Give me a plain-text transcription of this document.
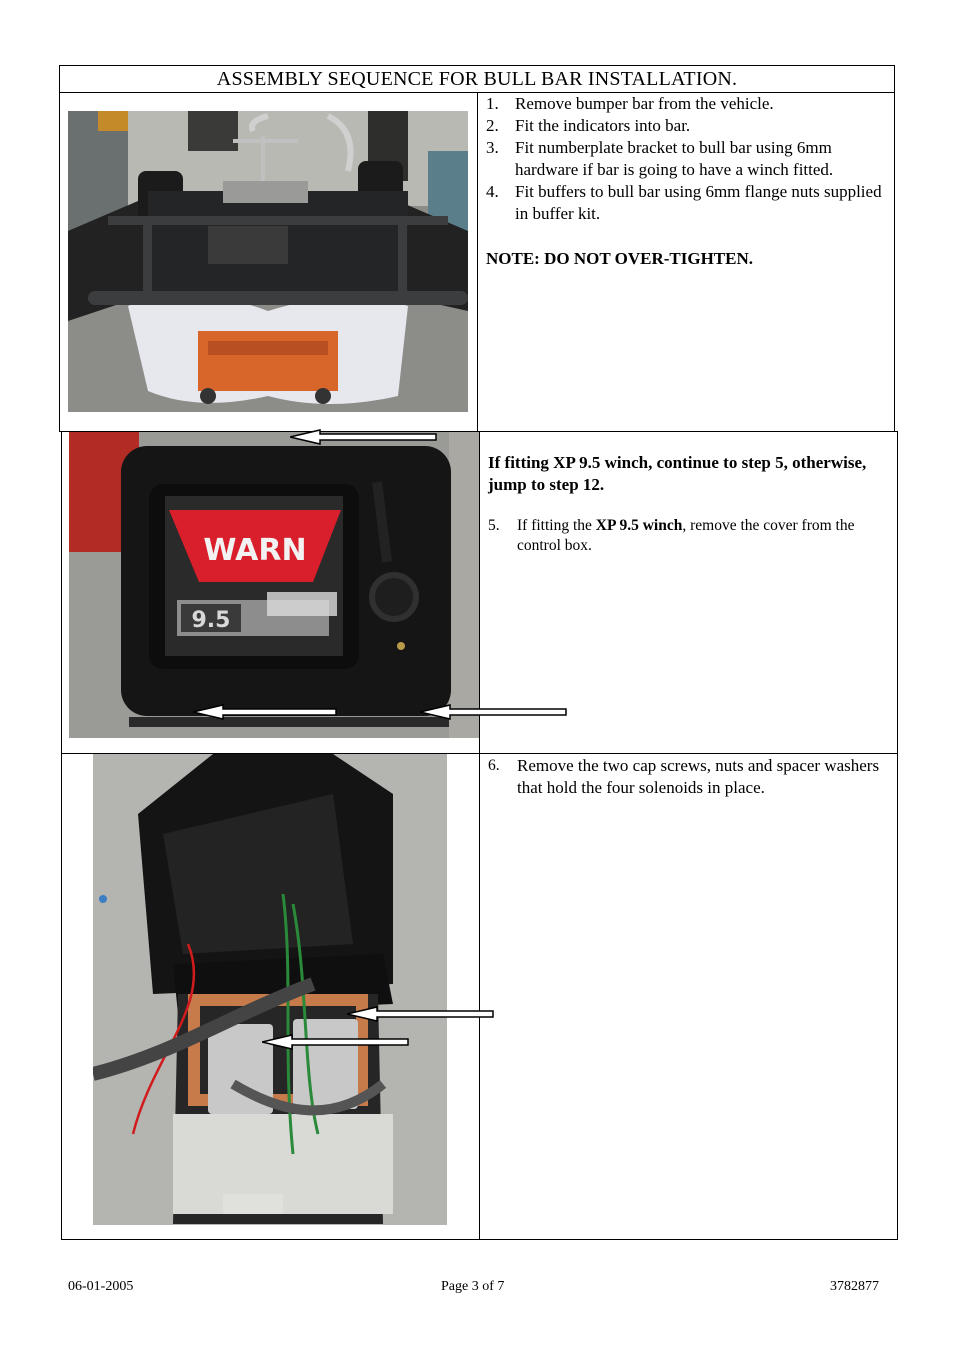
ASSEMBLY SEQUENCE FOR BULL BAR INSTALLATION.
1. Remove bumper bar from the vehicle.
2. Fit the indicators into bar.
3. Fit numberplate bracket to bull bar using 6mm hardware if bar is going to have a winch fitted.
4. Fit buffers to bull bar using 6mm flange nuts supplied in buffer kit.
NOTE: DO NOT OVER-TIGHTEN.
WARN
9.5
If fitting XP 9.5 winch, continue to step 5, otherwise, jump to step 12.
5. If fitting the XP 9.5 winch, remove the cover from the control box.
6. Remove the two cap screws, nuts and spacer washers that hold the four solenoids in place.
06-01-2005	Page 3 of 7	3782877
